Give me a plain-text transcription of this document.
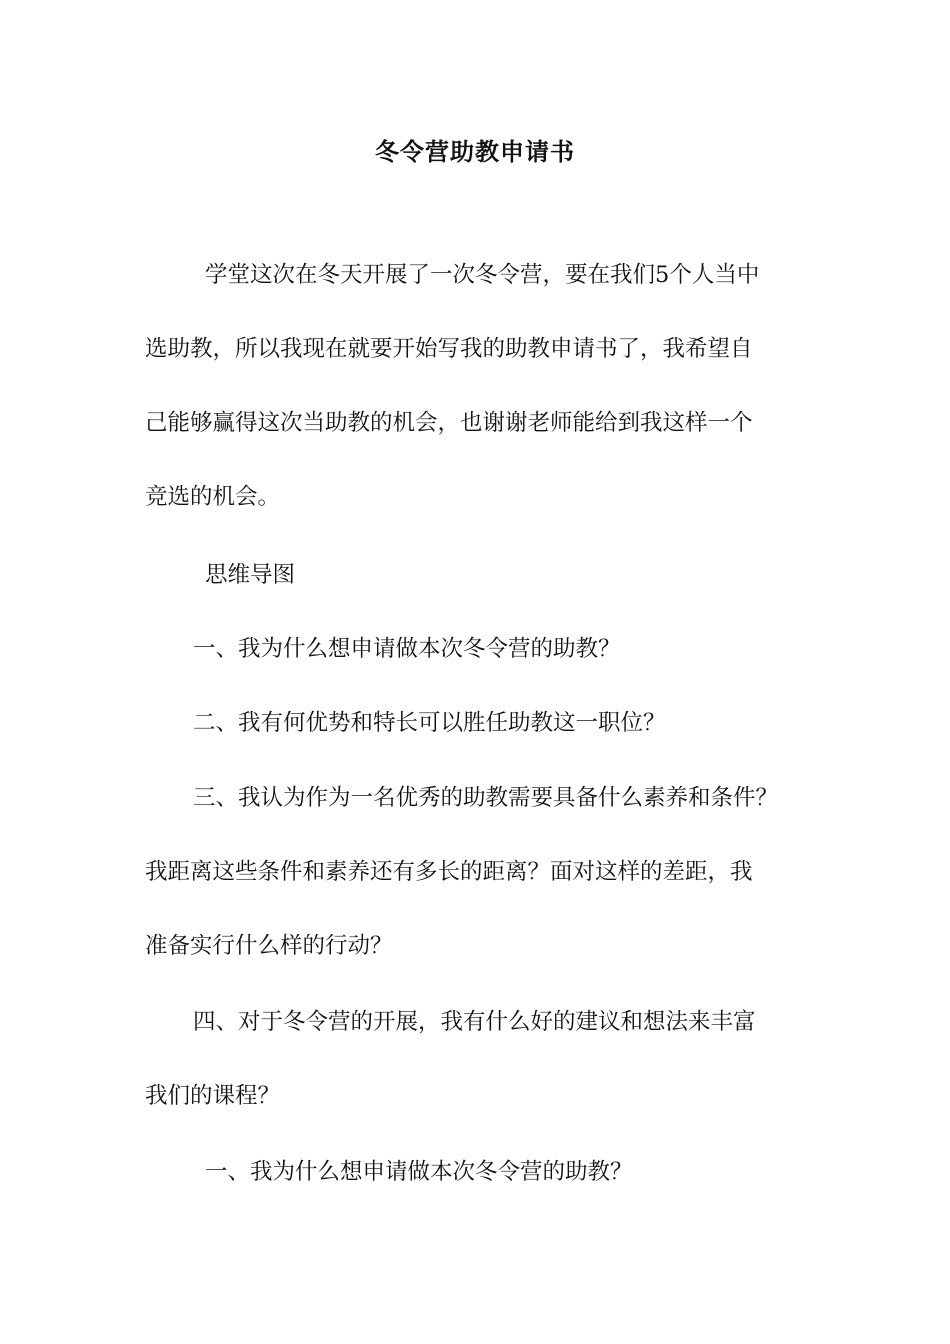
冬令营助教申请书
学堂这次在冬天开展了一次冬令营，要在我们5个人当中
选助教，所以我现在就要开始写我的助教申请书了，我希望自
己能够赢得这次当助教的机会，也谢谢老师能给到我这样一个
竞选的机会。
思维导图
一、我为什么想申请做本次冬令营的助教？
二、我有何优势和特长可以胜任助教这一职位？
三、我认为作为一名优秀的助教需要具备什么素养和条件？
我距离这些条件和素养还有多长的距离？面对这样的差距，我
准备实行什么样的行动？
四、对于冬令营的开展，我有什么好的建议和想法来丰富
我们的课程？
一、我为什么想申请做本次冬令营的助教？
